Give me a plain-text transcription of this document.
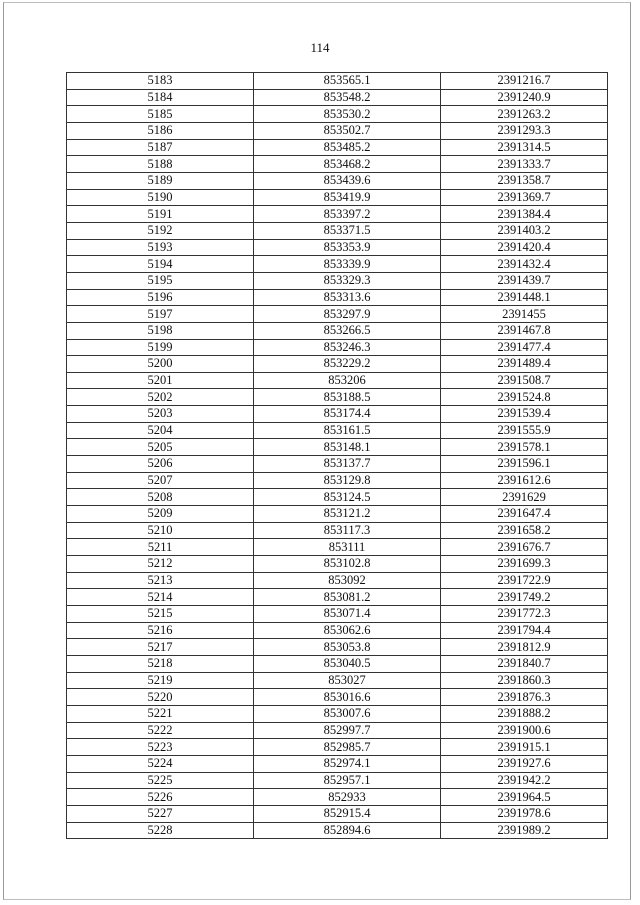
114
5183	853565.1	2391216.7
5184	853548.2	2391240.9
5185	853530.2	2391263.2
5186	853502.7	2391293.3
5187	853485.2	2391314.5
5188	853468.2	2391333.7
5189	853439.6	2391358.7
5190	853419.9	2391369.7
5191	853397.2	2391384.4
5192	853371.5	2391403.2
5193	853353.9	2391420.4
5194	853339.9	2391432.4
5195	853329.3	2391439.7
5196	853313.6	2391448.1
5197	853297.9	2391455
5198	853266.5	2391467.8
5199	853246.3	2391477.4
5200	853229.2	2391489.4
5201	853206	2391508.7
5202	853188.5	2391524.8
5203	853174.4	2391539.4
5204	853161.5	2391555.9
5205	853148.1	2391578.1
5206	853137.7	2391596.1
5207	853129.8	2391612.6
5208	853124.5	2391629
5209	853121.2	2391647.4
5210	853117.3	2391658.2
5211	853111	2391676.7
5212	853102.8	2391699.3
5213	853092	2391722.9
5214	853081.2	2391749.2
5215	853071.4	2391772.3
5216	853062.6	2391794.4
5217	853053.8	2391812.9
5218	853040.5	2391840.7
5219	853027	2391860.3
5220	853016.6	2391876.3
5221	853007.6	2391888.2
5222	852997.7	2391900.6
5223	852985.7	2391915.1
5224	852974.1	2391927.6
5225	852957.1	2391942.2
5226	852933	2391964.5
5227	852915.4	2391978.6
5228	852894.6	2391989.2
